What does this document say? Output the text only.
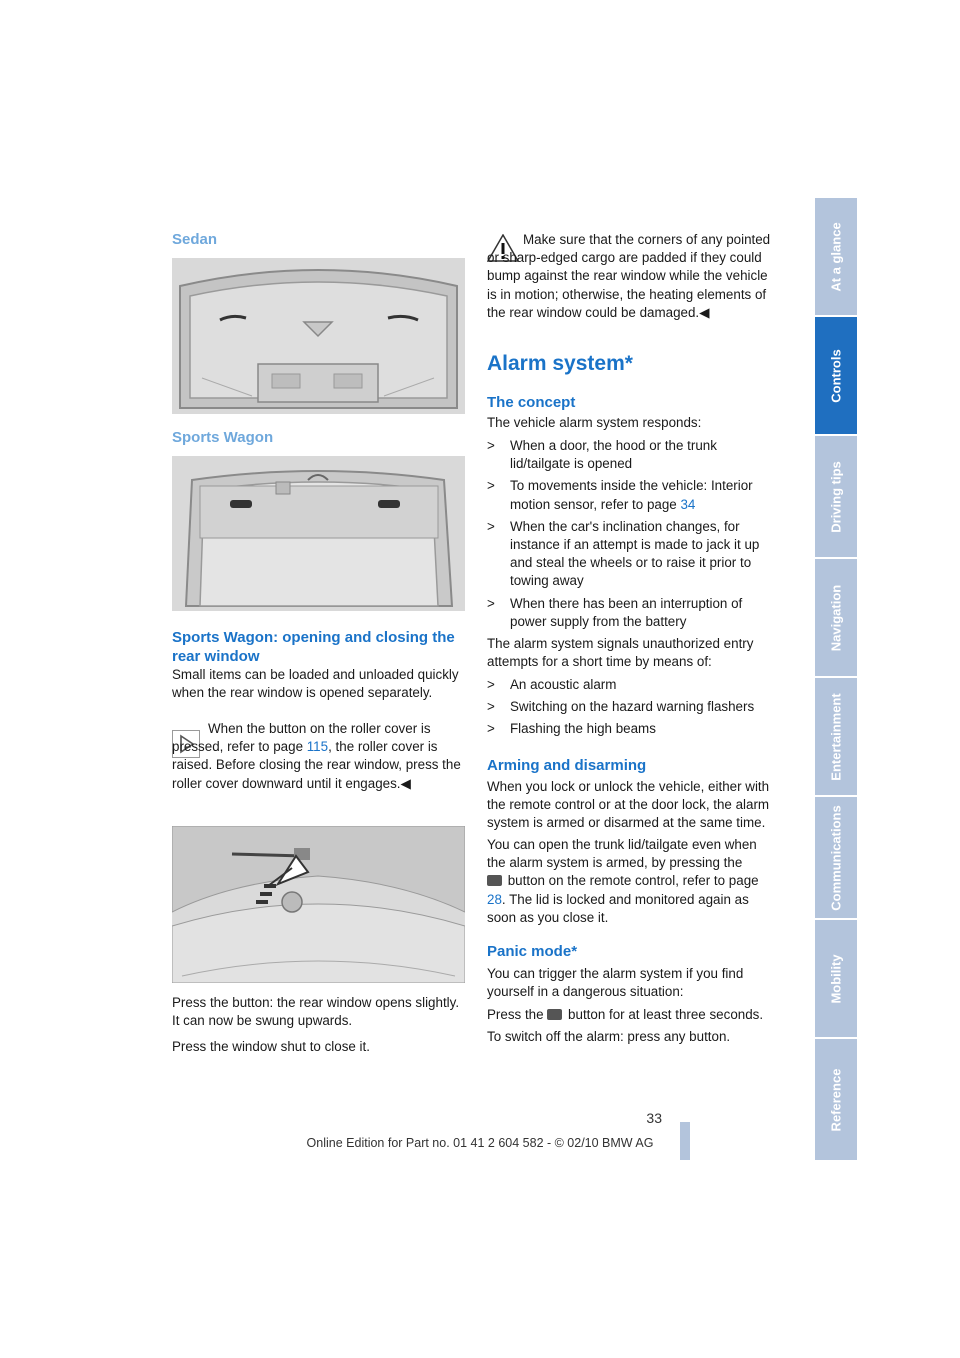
Sedan
Sports Wagon
Sports Wagon: opening and closing the rear window

Small items can be loaded and unloaded quickly when the rear window is opened separately.

When the button on the roller cover is pressed, refer to page 115, the roller cover is raised. Before closing the rear window, press the roller cover downward until it engages.◀

Press the button: the rear window opens slightly. It can now be swung upwards.

Press the window shut to close it.

Make sure that the corners of any pointed or sharp-edged cargo are padded if they could bump against the rear window while the vehicle is in motion; otherwise, the heating elements of the rear window could be damaged.◀

Alarm system*
The concept

The vehicle alarm system responds:

> When a door, the hood or the trunk lid/tailgate is opened
> To movements inside the vehicle: Interior motion sensor, refer to page 34
> When the car's inclination changes, for instance if an attempt is made to jack it up and steal the wheels or to raise it prior to towing away
> When there has been an interruption of power supply from the battery

The alarm system signals unauthorized entry attempts for a short time by means of:

> An acoustic alarm
> Switching on the hazard warning flashers
> Flashing the high beams
Arming and disarming

When you lock or unlock the vehicle, either with the remote control or at the door lock, the alarm system is armed or disarmed at the same time.

You can open the trunk lid/tailgate even when the alarm system is armed, by pressing the
button on the remote control, refer to page 28. The lid is locked and monitored again as soon as you close it.

Panic mode*

You can trigger the alarm system if you find yourself in a dangerous situation:

Press the button for at least three seconds.

To switch off the alarm: press any button.

At a glance
Controls
Driving tips
Navigation
Entertainment
Communications
Mobility
Reference
33
Online Edition for Part no. 01 41 2 604 582 - © 02/10 BMW AG
